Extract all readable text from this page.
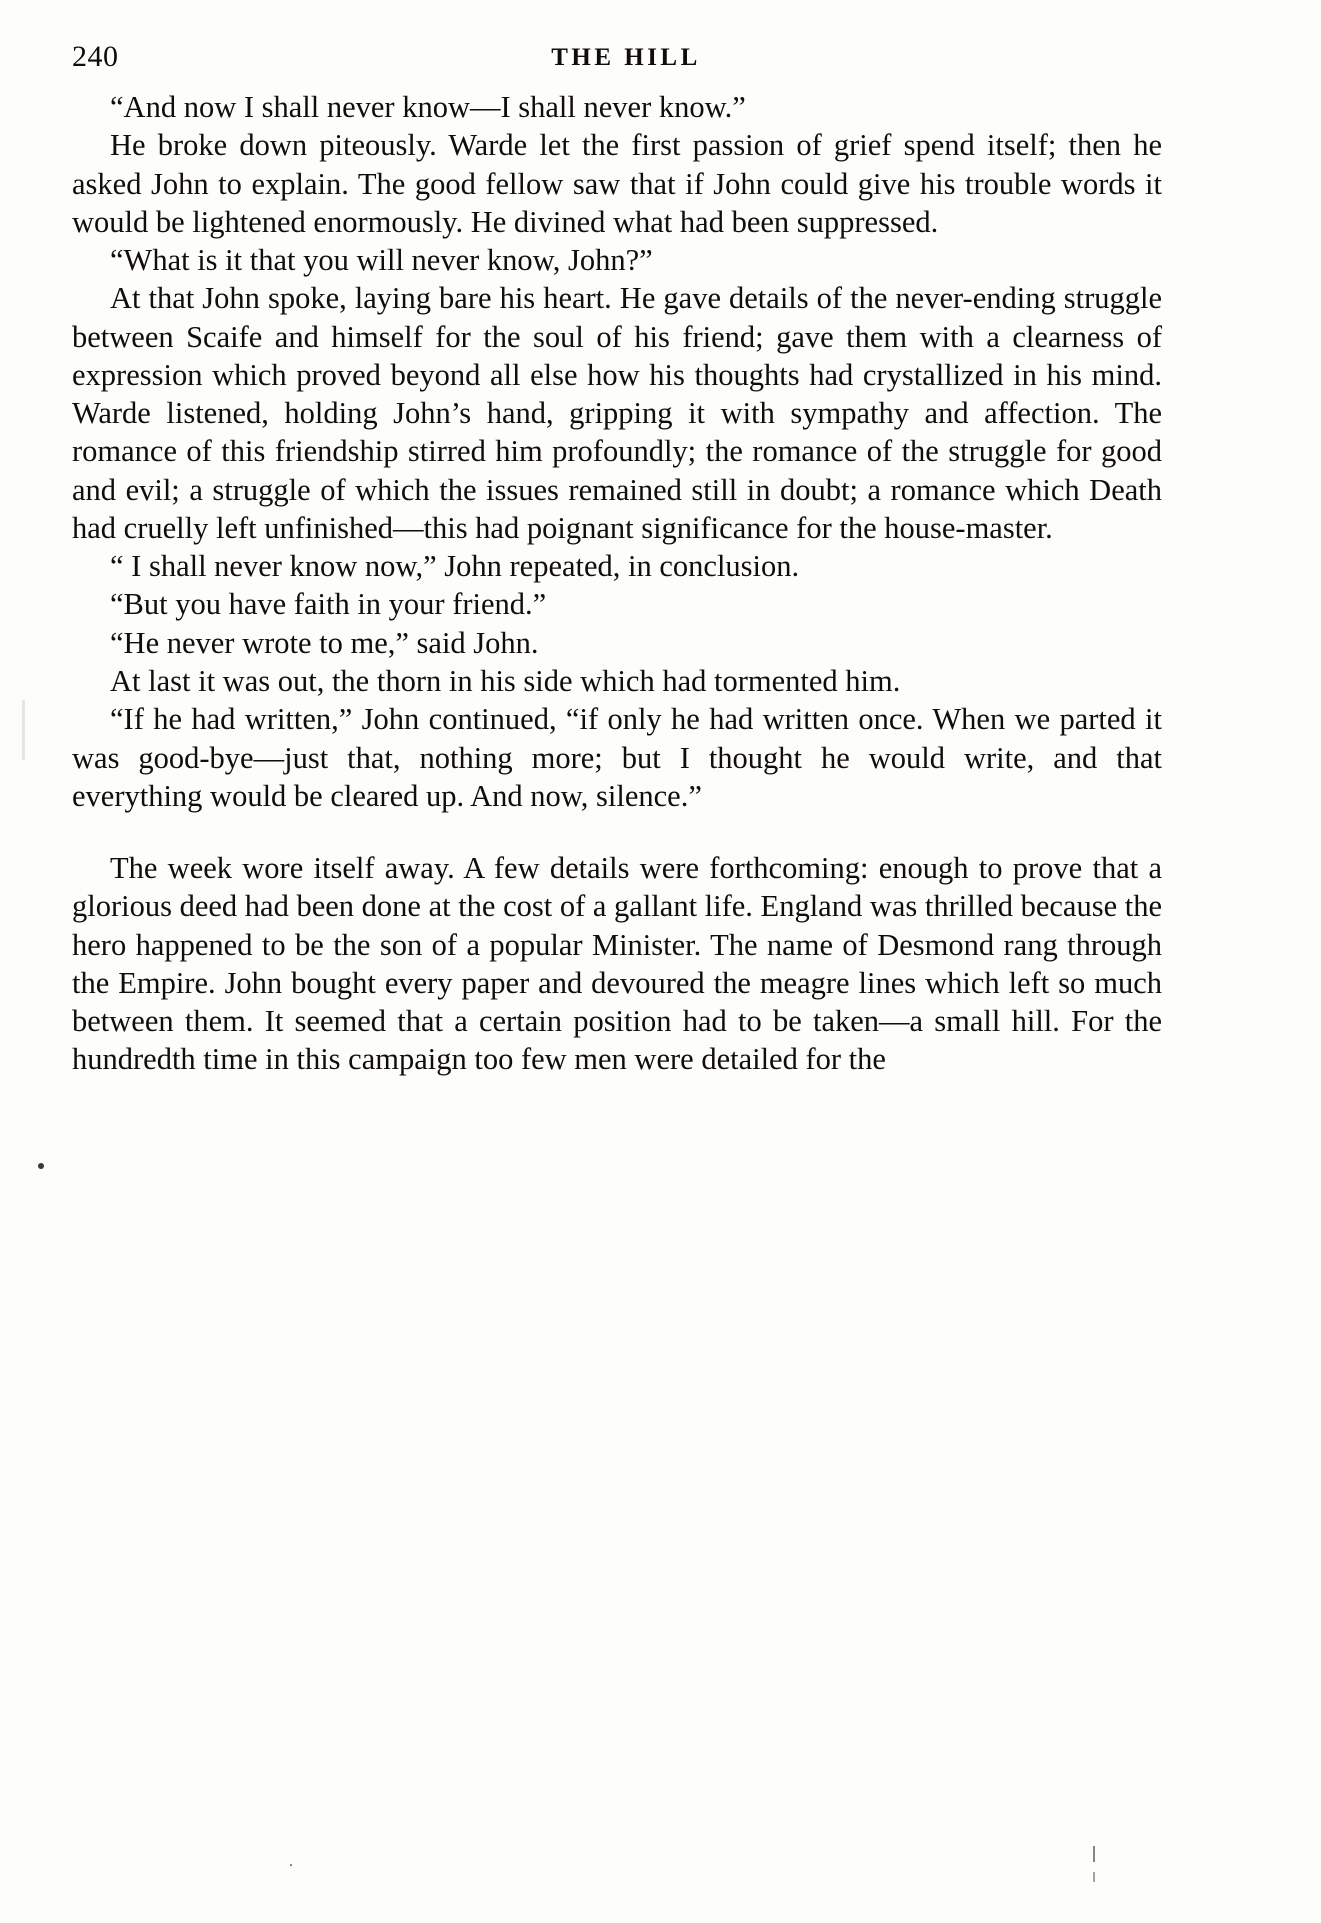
240	THE HILL

“And now I shall never know—I shall never know.”

He broke down piteously. Warde let the first passion of grief spend itself; then he asked John to explain. The good fellow saw that if John could give his trouble words it would be lightened enormously. He divined what had been suppressed.

“What is it that you will never know, John?”

At that John spoke, laying bare his heart. He gave details of the never-ending struggle between Scaife and himself for the soul of his friend; gave them with a clearness of expression which proved beyond all else how his thoughts had crystallized in his mind. Warde listened, holding John’s hand, gripping it with sympathy and affection. The romance of this friendship stirred him profoundly; the romance of the struggle for good and evil; a struggle of which the issues remained still in doubt; a romance which Death had cruelly left unfinished—this had poignant significance for the house-master.

“ I shall never know now,” John repeated, in conclusion.

“But you have faith in your friend.”

“He never wrote to me,” said John.

At last it was out, the thorn in his side which had tormented him.

“If he had written,” John continued, “if only he had written once. When we parted it was good-bye—just that, nothing more; but I thought he would write, and that everything would be cleared up. And now, silence.”

The week wore itself away. A few details were forthcoming: enough to prove that a glorious deed had been done at the cost of a gallant life. England was thrilled because the hero happened to be the son of a popular Minister. The name of Desmond rang through the Empire. John bought every paper and devoured the meagre lines which left so much between them. It seemed that a certain position had to be taken—a small hill. For the hundredth time in this campaign too few men were detailed for the

˙
